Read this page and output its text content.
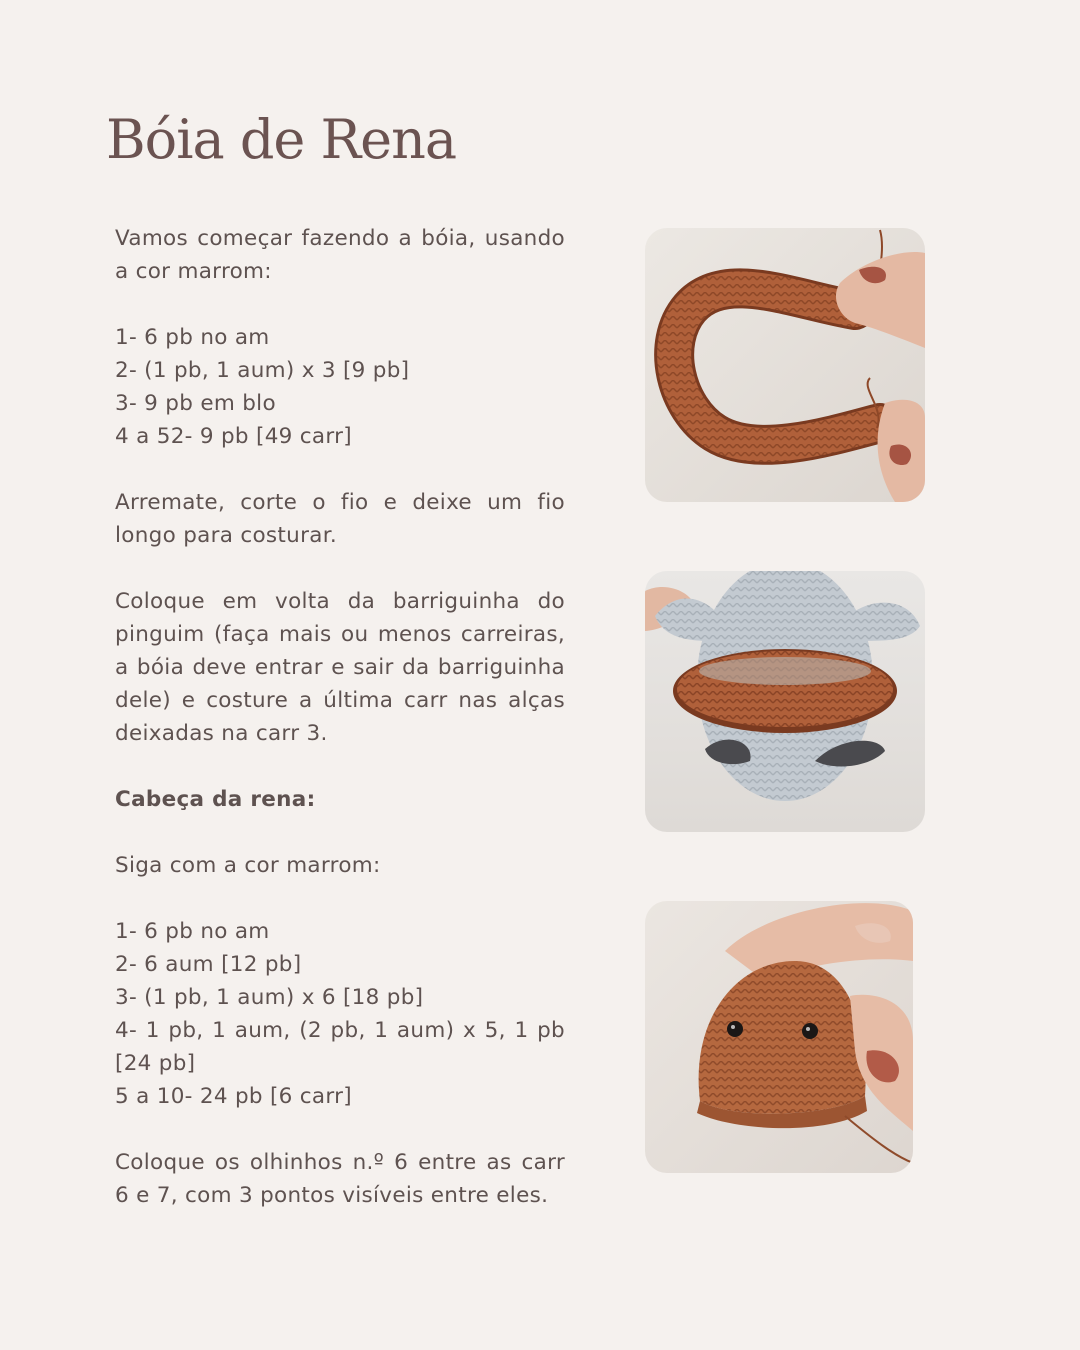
Bóia de Rena

Vamos começar fazendo a bóia, usando a cor marrom:

1- 6 pb no am

2- (1 pb, 1 aum) x 3 [9 pb]

3- 9 pb em blo

4 a 52- 9 pb [49 carr]

Arremate, corte o fio e deixe um fio longo para costurar.

Coloque em volta da barriguinha do pinguim (faça mais ou menos carreiras, a bóia deve entrar e sair da barriguinha dele) e costure a última carr nas alças deixadas na carr 3.

Cabeça da rena:

Siga com a cor marrom:

1- 6 pb no am

2- 6 aum [12 pb]

3- (1 pb, 1 aum) x 6 [18 pb]

4- 1 pb, 1 aum, (2 pb, 1 aum) x 5, 1 pb [24 pb]

5 a 10- 24 pb [6 carr]

Coloque os olhinhos n.º 6 entre as carr 6 e 7, com 3 pontos visíveis entre eles.
